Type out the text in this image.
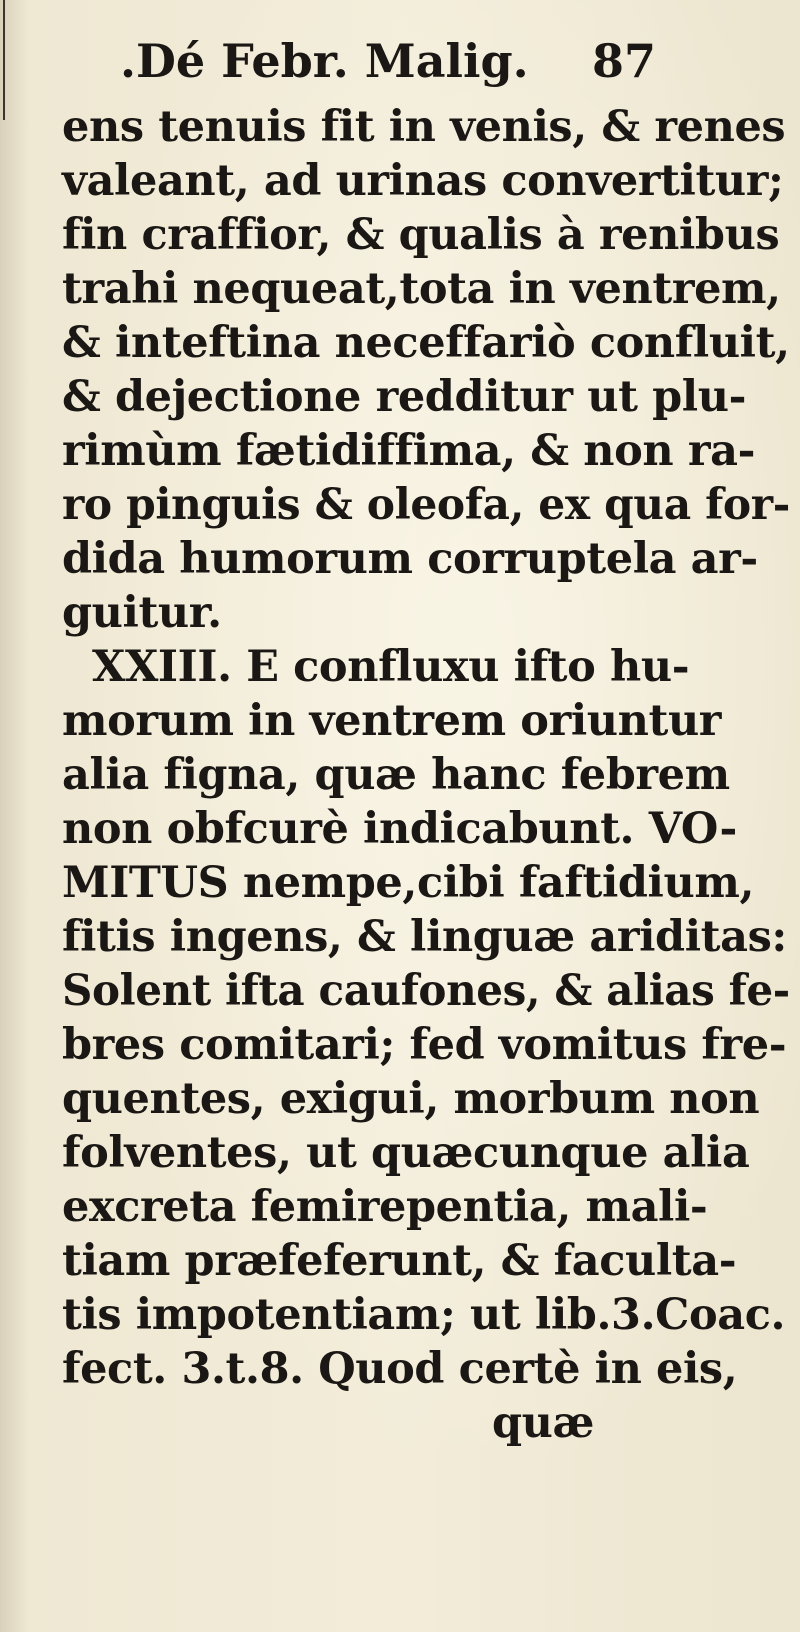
.Dé Febr. Malig. 87
ens tenuis fit in venis, & renes
valeant, ad urinas convertitur;
fin craffior, & qualis à renibus
trahi nequeat,tota in ventrem,
& inteftina neceffariò confluit,
& dejectione redditur ut plu-
rimùm fætidiffima, & non ra-
ro pinguis & oleofa, ex qua for-
dida humorum corruptela ar-
guitur.
XXIII. E confluxu ifto hu-
morum in ventrem oriuntur
alia figna, quæ hanc febrem
non obfcurè indicabunt. VO-
MITUS nempe,cibi faftidium,
fitis ingens, & linguæ ariditas:
Solent ifta caufones, & alias fe-
bres comitari; fed vomitus fre-
quentes, exigui, morbum non
folventes, ut quæcunque alia
excreta femirepentia, mali-
tiam præfeferunt, & faculta-
tis impotentiam; ut lib.3.Coac.
fect. 3.t.8. Quod certè in eis,
quæ
